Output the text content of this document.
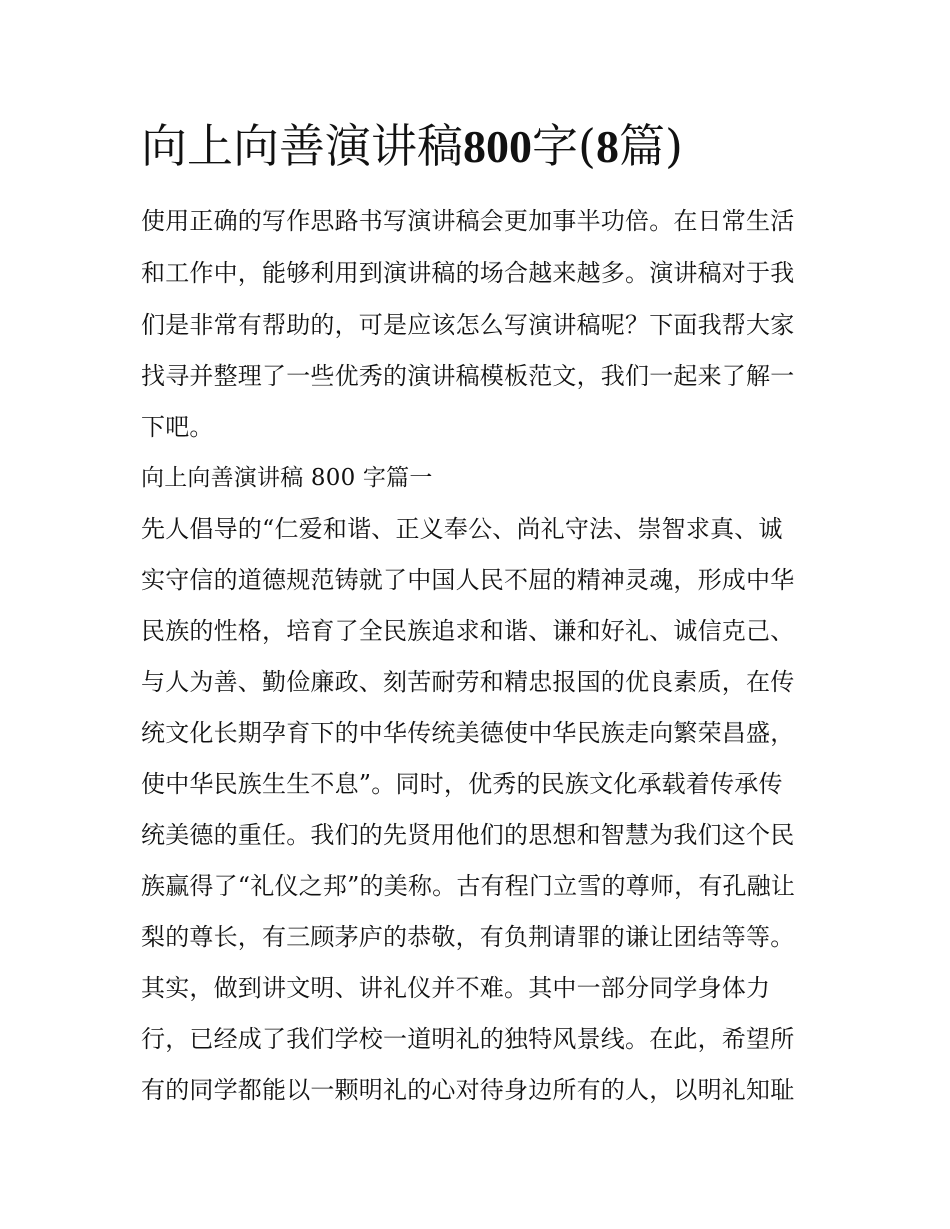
向上向善演讲稿800字(8篇)

使用正确的写作思路书写演讲稿会更加事半功倍。在日常生活

和工作中，能够利用到演讲稿的场合越来越多。演讲稿对于我

们是非常有帮助的，可是应该怎么写演讲稿呢？下面我帮大家

找寻并整理了一些优秀的演讲稿模板范文，我们一起来了解一

下吧。

向上向善演讲稿 800 字篇一

先人倡导的“仁爱和谐、正义奉公、尚礼守法、崇智求真、诚

实守信的道德规范铸就了中国人民不屈的精神灵魂，形成中华

民族的性格，培育了全民族追求和谐、谦和好礼、诚信克己、

与人为善、勤俭廉政、刻苦耐劳和精忠报国的优良素质，在传

统文化长期孕育下的中华传统美德使中华民族走向繁荣昌盛，

使中华民族生生不息”。同时，优秀的民族文化承载着传承传

统美德的重任。我们的先贤用他们的思想和智慧为我们这个民

族赢得了“礼仪之邦”的美称。古有程门立雪的尊师，有孔融让

梨的尊长，有三顾茅庐的恭敬，有负荆请罪的谦让团结等等。

其实，做到讲文明、讲礼仪并不难。其中一部分同学身体力

行，已经成了我们学校一道明礼的独特风景线。在此，希望所

有的同学都能以一颗明礼的心对待身边所有的人，以明礼知耻
